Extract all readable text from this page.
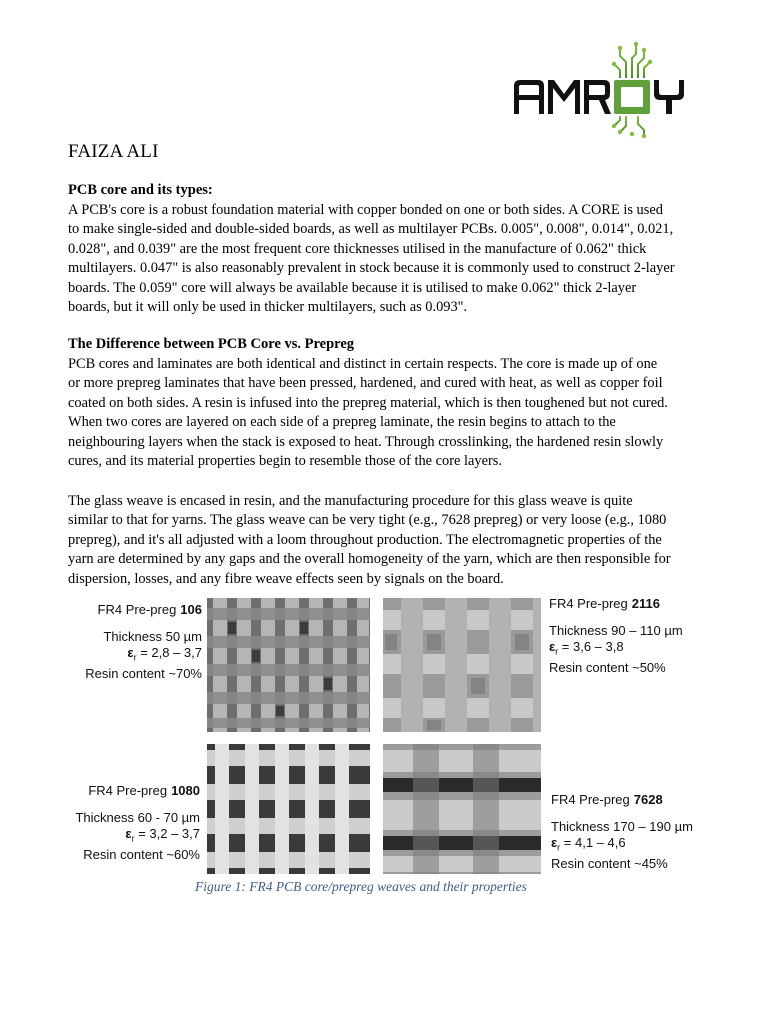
AMROY
FAIZA ALI
PCB core and its types:
A PCB's core is a robust foundation material with copper bonded on one or both sides. A CORE is used
to make single-sided and double-sided boards, as well as multilayer PCBs. 0.005", 0.008", 0.014", 0.021,
0.028", and 0.039" are the most frequent core thicknesses utilised in the manufacture of 0.062" thick
multilayers. 0.047" is also reasonably prevalent in stock because it is commonly used to construct 2-layer
boards. The 0.059" core will always be available because it is utilised to make 0.062" thick 2-layer
boards, but it will only be used in thicker multilayers, such as 0.093".
The Difference between PCB Core vs. Prepreg
PCB cores and laminates are both identical and distinct in certain respects. The core is made up of one
or more prepreg laminates that have been pressed, hardened, and cured with heat, as well as copper foil
coated on both sides. A resin is infused into the prepreg material, which is then toughened but not cured.
When two cores are layered on each side of a prepreg laminate, the resin begins to attach to the
neighbouring layers when the stack is exposed to heat. Through crosslinking, the hardened resin slowly
cures, and its material properties begin to resemble those of the core layers.
The glass weave is encased in resin, and the manufacturing procedure for this glass weave is quite
similar to that for yarns. The glass weave can be very tight (e.g., 7628 prepreg) or very loose (e.g., 1080
prepreg), and it's all adjusted with a loom throughout production. The electromagnetic properties of the
yarn are determined by any gaps and the overall homogeneity of the yarn, which are then responsible for
dispersion, losses, and any fibre weave effects seen by signals on the board.
FR4 Pre-preg 106
Thickness 50 µm
$\varepsilon_r = 2,8 - 3,7$
Resin content ~70%
FR4 Pre-preg 2116
Thickness 90 – 110 µm
$\varepsilon_r = 3,6 - 3,8$
Resin content ~50%
FR4 Pre-preg 1080
Thickness 60 - 70 µm
$\varepsilon_r = 3,2 - 3,7$
Resin content ~60%
FR4 Pre-preg 7628
Thickness 170 – 190 µm
$\varepsilon_r = 4,1 - 4,6$
Resin content ~45%
Figure 1: FR4 PCB core/prepreg weaves and their properties
